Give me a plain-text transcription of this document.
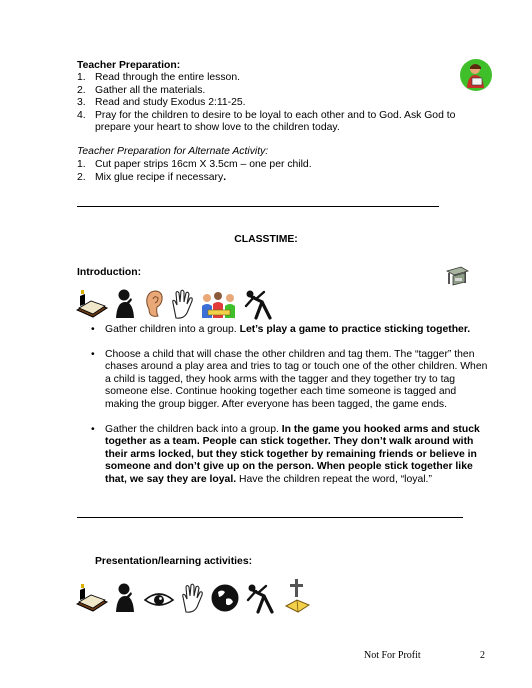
Teacher Preparation:
1. Read through the entire lesson.
2. Gather all the materials.
3. Read and study Exodus 2:11-25.
4. Pray for the children to desire to be loyal to each other and to God. Ask God to prepare your heart to show love to the children today.
Teacher Preparation for Alternate Activity:
1. Cut paper strips 16cm X 3.5cm – one per child.
2. Mix glue recipe if necessary.
CLASSTIME:
Introduction:
• Gather children into a group. Let’s play a game to practice sticking together.
• Choose a child that will chase the other children and tag them. The “tagger” then chases around a play area and tries to tag or touch one of the other children. When a child is tagged, they hook arms with the tagger and they together try to tag someone else. Continue hooking together each time someone is tagged and making the group bigger. After everyone has been tagged, the game ends.
• Gather the children back into a group. In the game you hooked arms and stuck together as a team. People can stick together. They don’t walk around with their arms locked, but they stick together by remaining friends or believe in someone and don’t give up on the person. When people stick together like that, we say they are loyal. Have the children repeat the word, “loyal.”
Presentation/learning activities:
Not For Profit	2
